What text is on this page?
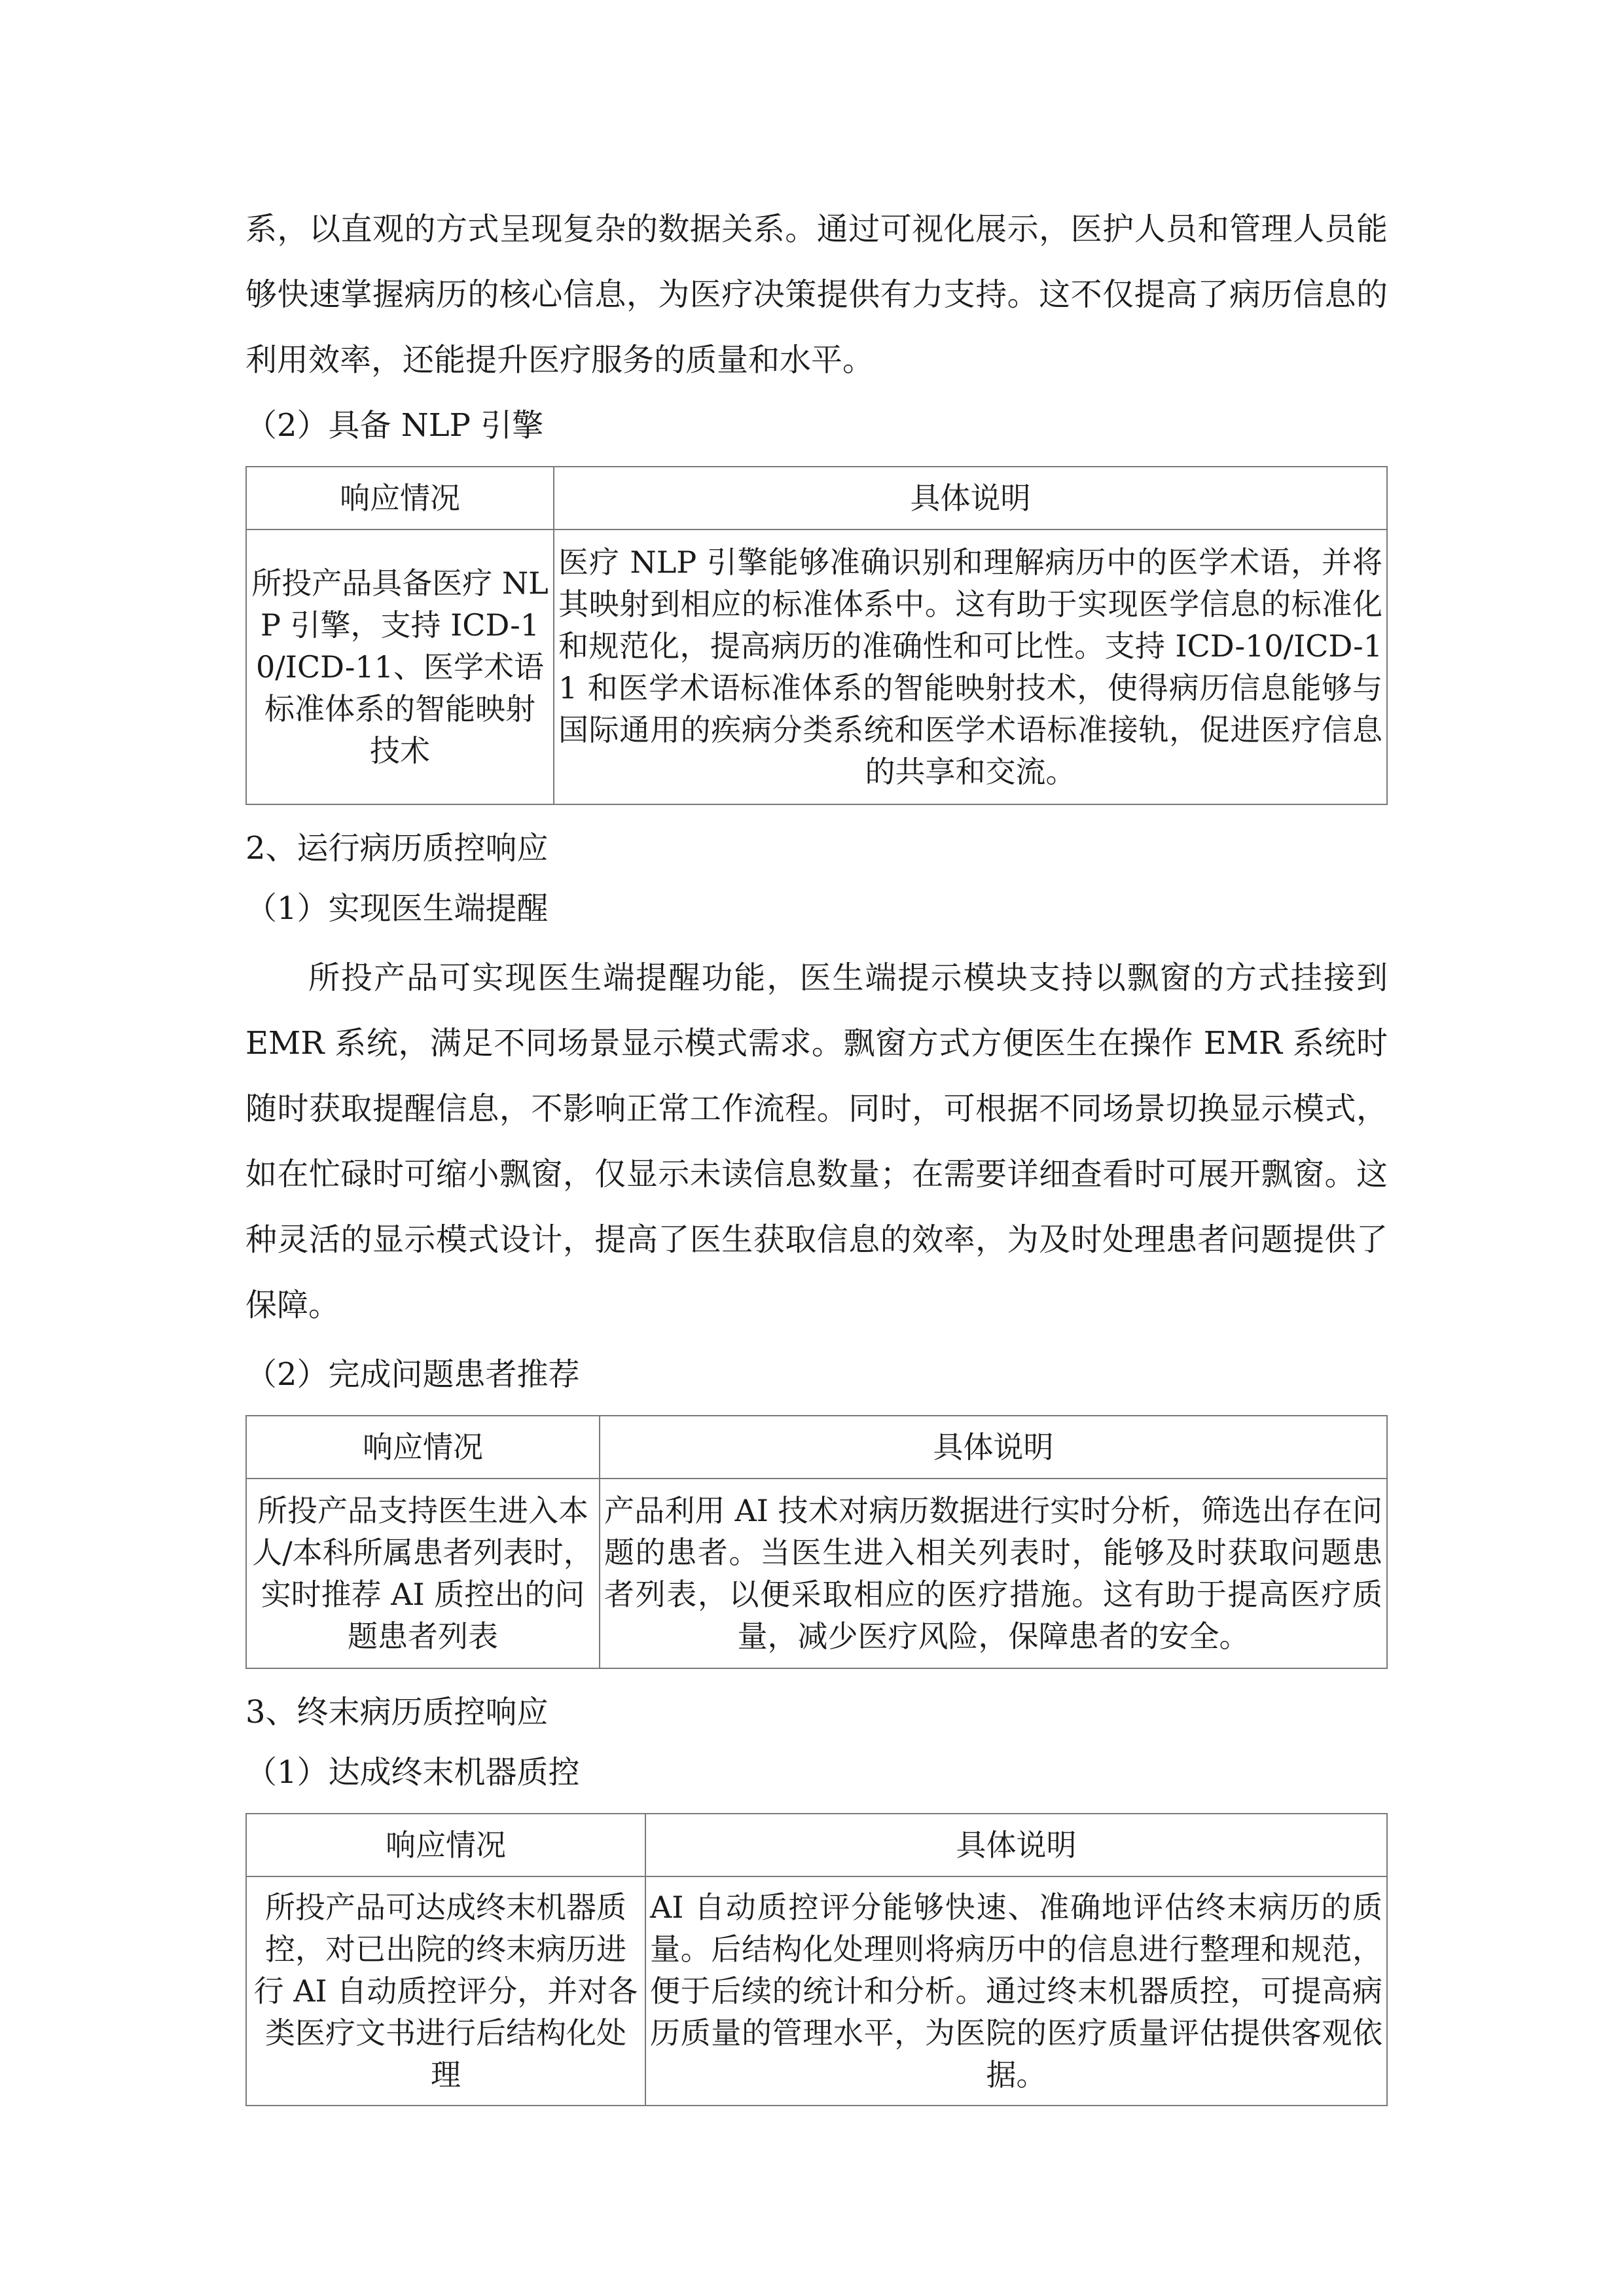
系，以直观的方式呈现复杂的数据关系。通过可视化展示，医护人员和管理人员能够快速掌握病历的核心信息，为医疗决策提供有力支持。这不仅提高了病历信息的利用效率，还能提升医疗服务的质量和水平。

（2）具备 NLP 引擎

响应情况	具体说明
所投产品具备医疗 NLP 引擎，支持 ICD-10/ICD-11、医学术语标准体系的智能映射技术	医疗 NLP 引擎能够准确识别和理解病历中的医学术语，并将其映射到相应的标准体系中。这有助于实现医学信息的标准化和规范化，提高病历的准确性和可比性。支持 ICD-10/ICD-11 和医学术语标准体系的智能映射技术，使得病历信息能够与国际通用的疾病分类系统和医学术语标准接轨，促进医疗信息的共享和交流。

2、运行病历质控响应

（1）实现医生端提醒

所投产品可实现医生端提醒功能，医生端提示模块支持以飘窗的方式挂接到 EMR 系统，满足不同场景显示模式需求。飘窗方式方便医生在操作 EMR 系统时随时获取提醒信息，不影响正常工作流程。同时，可根据不同场景切换显示模式，如在忙碌时可缩小飘窗，仅显示未读信息数量；在需要详细查看时可展开飘窗。这种灵活的显示模式设计，提高了医生获取信息的效率，为及时处理患者问题提供了保障。

（2）完成问题患者推荐

响应情况	具体说明
所投产品支持医生进入本人/本科所属患者列表时，实时推荐 AI 质控出的问题患者列表	产品利用 AI 技术对病历数据进行实时分析，筛选出存在问题的患者。当医生进入相关列表时，能够及时获取问题患者列表，以便采取相应的医疗措施。这有助于提高医疗质量，减少医疗风险，保障患者的安全。

3、终末病历质控响应

（1）达成终末机器质控

响应情况	具体说明
所投产品可达成终末机器质控，对已出院的终末病历进行 AI 自动质控评分，并对各类医疗文书进行后结构化处理	AI 自动质控评分能够快速、准确地评估终末病历的质量。后结构化处理则将病历中的信息进行整理和规范，便于后续的统计和分析。通过终末机器质控，可提高病历质量的管理水平，为医院的医疗质量评估提供客观依据。
